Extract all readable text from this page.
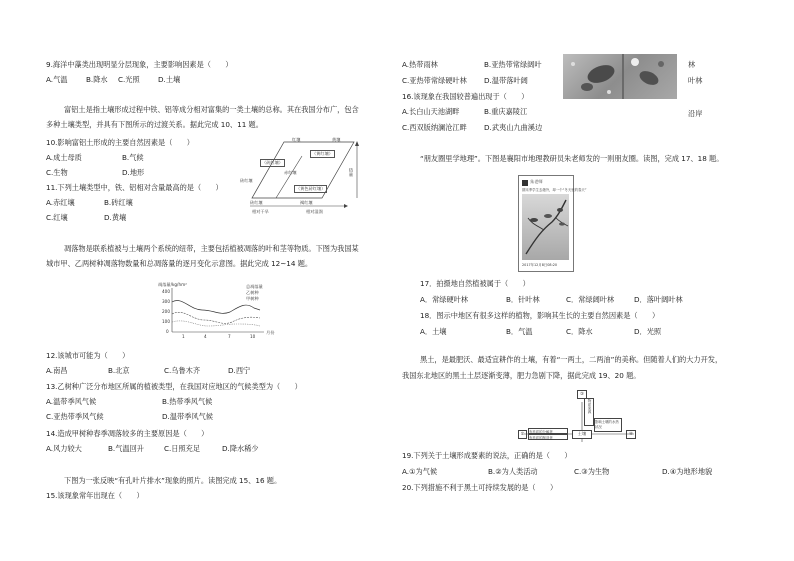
9.海洋中藻类出现明显分层现象，主要影响因素是（　　）
A.气温	B.降水 C.光照	D.土壤
富铝土是指土壤形成过程中铁、铝等成分相对富集的一类土壤的总称。其在我国分布广，包含
多种土壤类型，并具有下图所示的过渡关系。据此完成 10、11 题。
10.影响富铝土形成的主要自然因素是（　　）
A.成土母质	B.气候
C.生物	D.地形
11.下列土壤类型中，铁、铝相对含量最高的是（　　）
A.赤红壤	B.砖红壤
C.红壤	D.黄壤
红壤	黄壤
（黄红壤）
（砖红壤）
（黄色砖红壤）
赤红壤
砖红壤
热量
砖红壤	褐红壤
相对干旱	相对湿润
凋落物是联系植被与土壤两个系统的纽带，主要包括植被凋落的叶和茎等物质。下图为我国某
城市甲、乙两树种凋落物数量和总凋落量的逐月变化示意图。据此完成 12~14 题。
凋落量/kg/hm²
400
300
200
100
0
1	4	7	10
月份
总凋落量
乙树种
甲树种
12.该城市可能为（　　）
A.南昌	B.北京	C.乌鲁木齐	D.西宁
13.乙树种广泛分布地区所属的植被类型，在我国对应地区的气候类型为（　　）
A.温带季风气候	B.热带季风气候
C.亚热带季风气候	D.温带季风气候
14.造成甲树种春季凋落较多的主要原因是（　　）
A.风力较大	B.气温回升	C.日照充足	D.降水稀少
下图为一张反映“有孔叶片排水”现象的照片。读图完成 15、16 题。
15.该现象常年出现在（　　）
A.热带雨林	B.亚热带常绿阔叶
C.亚热带常绿硬叶林 D.温带落叶阔
林
叶林
16.该现象在我国较普遍出现于（　　）
A.长白山天池湖畔	B.重庆嘉陵江
C.西双版纳澜沧江畔 D.武夷山九曲溪边
沿岸
“朋友圈里学地理”。下图是襄阳市地理教研员朱老师发的一则朋友圈。读图，完成 17、18 题。
朱老师
期末季学生去趟外，却一个“冬天里的春天”
2017年12月8日08:20
17．拍摄地自然植被属于（　　）
A．常绿硬叶林	B．针叶林	C．常绿阔叶林	D．落叶阔叶林
18．图示中地区有很多这样的植物，影响其生长的主要自然因素是（　　）
A．土壤	B．气温	C．降水	D．光照
黑土，是最肥沃、最适宜耕作的土壤，有着“一两土，二两油”的美称。但随着人们的大力开发，
我国东北地区的黑土土层逐渐变薄，肥力急剧下降，据此完成 19、20 题。
③
物质来源
①	有机质的分解者
有机质的制造者
土壤
影响土壤的水热状况
④
19.下列关于土壤形成要素的说法，正确的是（　　）
A.①为气候	B.②为人类活动	C.③为生物	D.④为地形地貌
20.下列措施不利于黑土可持续发展的是（　　）
